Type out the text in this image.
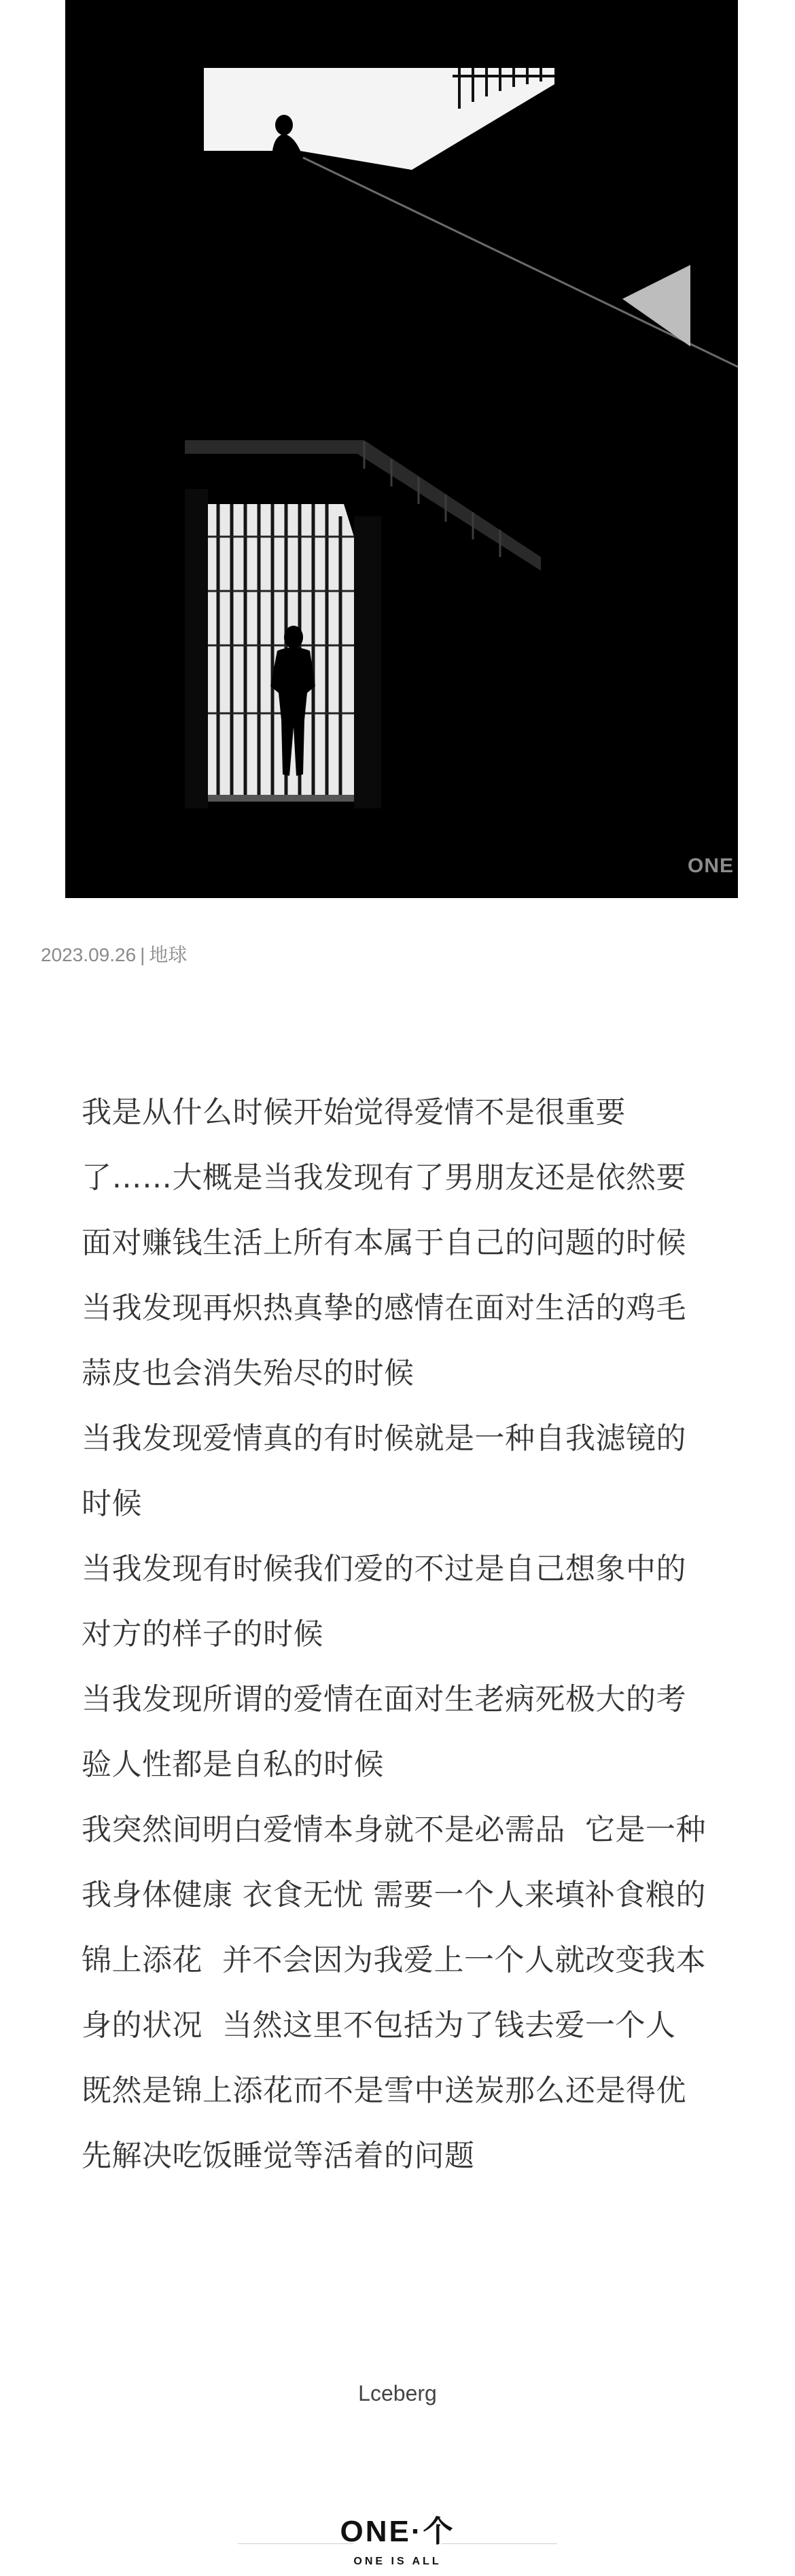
ONE
2023.09.26 | 地球
我是从什么时候开始觉得爱情不是很重要
了……大概是当我发现有了男朋友还是依然要
面对赚钱生活上所有本属于自己的问题的时候
当我发现再炽热真挚的感情在面对生活的鸡毛
蒜皮也会消失殆尽的时候
当我发现爱情真的有时候就是一种自我滤镜的
时候
当我发现有时候我们爱的不过是自己想象中的
对方的样子的时候
当我发现所谓的爱情在面对生老病死极大的考
验人性都是自私的时候
我突然间明白爱情本身就不是必需品  它是一种
我身体健康 衣食无忧 需要一个人来填补食粮的
锦上添花  并不会因为我爱上一个人就改变我本
身的状况  当然这里不包括为了钱去爱一个人
既然是锦上添花而不是雪中送炭那么还是得优
先解决吃饭睡觉等活着的问题
Lceberg
ONE·个
ONE IS ALL
